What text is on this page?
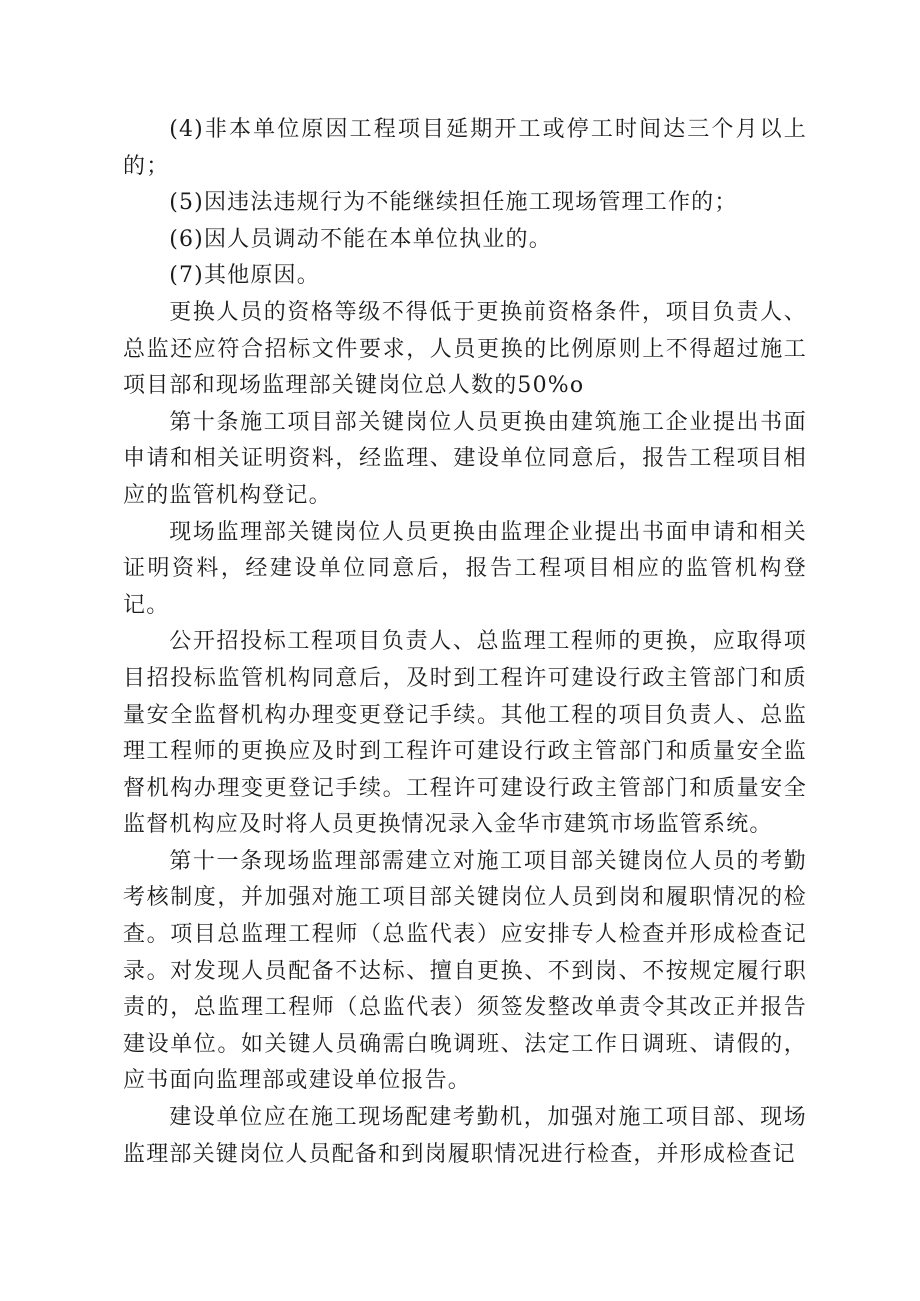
(4)非本单位原因工程项目延期开工或停工时间达三个月以上的；

(5)因违法违规行为不能继续担任施工现场管理工作的；

(6)因人员调动不能在本单位执业的。

(7)其他原因。

更换人员的资格等级不得低于更换前资格条件，项目负责人、总监还应符合招标文件要求，人员更换的比例原则上不得超过施工项目部和现场监理部关键岗位总人数的50%o

第十条施工项目部关键岗位人员更换由建筑施工企业提出书面申请和相关证明资料，经监理、建设单位同意后，报告工程项目相应的监管机构登记。

现场监理部关键岗位人员更换由监理企业提出书面申请和相关证明资料，经建设单位同意后，报告工程项目相应的监管机构登记。

公开招投标工程项目负责人、总监理工程师的更换，应取得项目招投标监管机构同意后，及时到工程许可建设行政主管部门和质量安全监督机构办理变更登记手续。其他工程的项目负责人、总监理工程师的更换应及时到工程许可建设行政主管部门和质量安全监督机构办理变更登记手续。工程许可建设行政主管部门和质量安全监督机构应及时将人员更换情况录入金华市建筑市场监管系统。

第十一条现场监理部需建立对施工项目部关键岗位人员的考勤考核制度，并加强对施工项目部关键岗位人员到岗和履职情况的检查。项目总监理工程师（总监代表）应安排专人检查并形成检查记录。对发现人员配备不达标、擅自更换、不到岗、不按规定履行职责的，总监理工程师（总监代表）须签发整改单责令其改正并报告建设单位。如关键人员确需白晚调班、法定工作日调班、请假的，应书面向监理部或建设单位报告。

建设单位应在施工现场配建考勤机，加强对施工项目部、现场监理部关键岗位人员配备和到岗履职情况进行检查，并形成检查记
